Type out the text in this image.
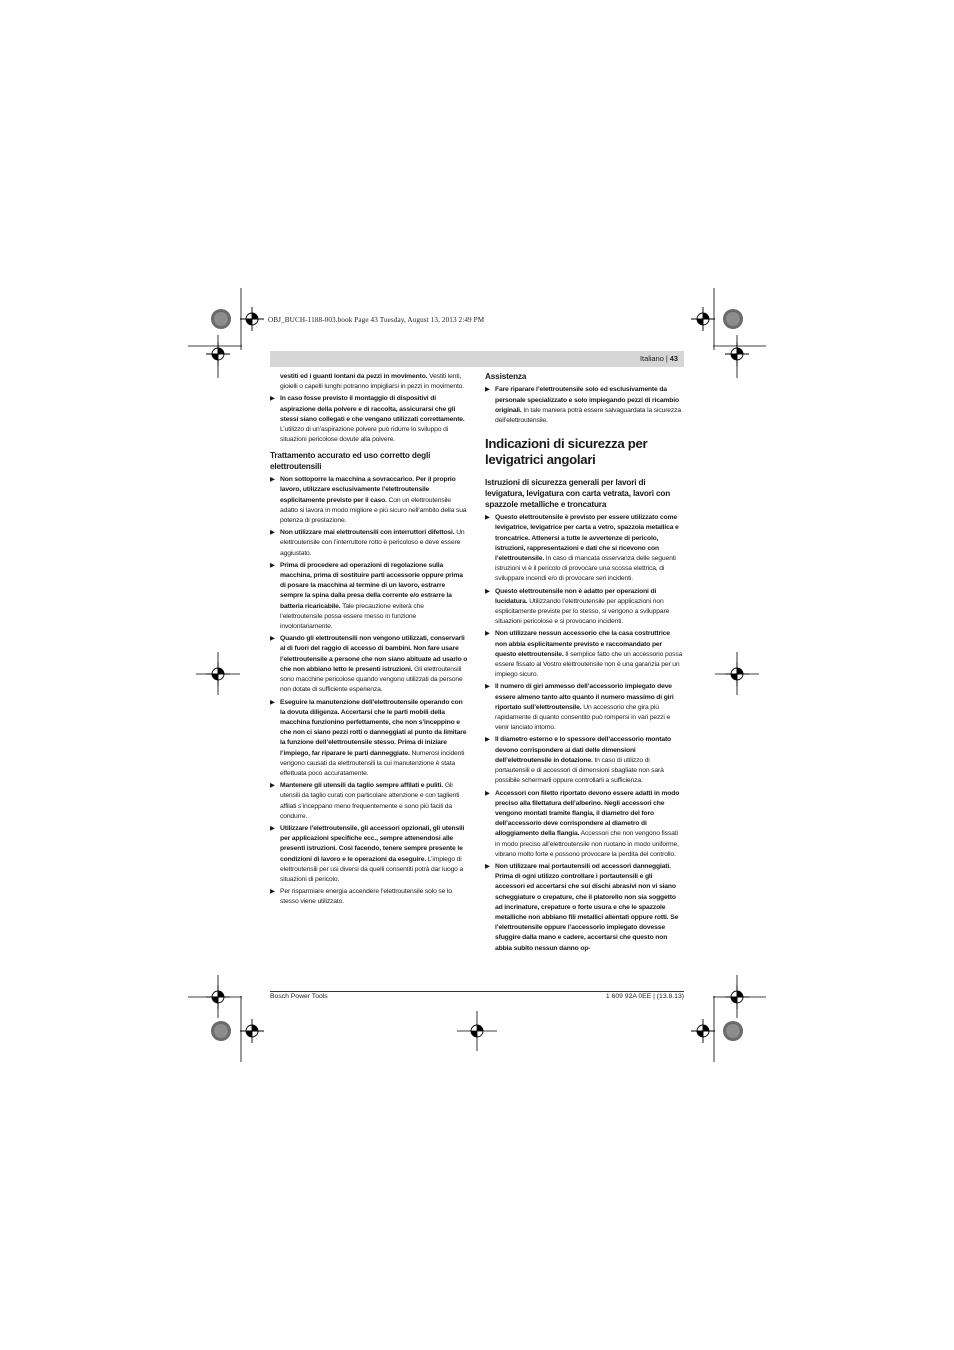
OBJ_BUCH-1188-003.book Page 43 Tuesday, August 13, 2013 2:49 PM
Italiano | 43

vestiti ed i guanti lontani da pezzi in movimento. Vestiti lenti, gioielli o capelli lunghi potranno impigliarsi in pezzi in movimento.

▶ In caso fosse previsto il montaggio di dispositivi di aspirazione della polvere e di raccolta, assicurarsi che gli stessi siano collegati e che vengano utilizzati correttamente. L’utilizzo di un’aspirazione polvere può ridurre lo sviluppo di situazioni pericolose dovute alla polvere.

Trattamento accurato ed uso corretto degli elettroutensili

▶ Non sottoporre la macchina a sovraccarico. Per il proprio lavoro, utilizzare esclusivamente l’elettroutensile esplicitamente previsto per il caso. Con un elettroutensile adatto si lavora in modo migliore e più sicuro nell’ambito della sua potenza di prestazione.

▶ Non utilizzare mai elettroutensili con interruttori difettosi. Un elettroutensile con l’interruttore rotto è pericoloso e deve essere aggiustato.

▶ Prima di procedere ad operazioni di regolazione sulla macchina, prima di sostituire parti accessorie oppure prima di posare la macchina al termine di un lavoro, estrarre sempre la spina dalla presa della corrente e/o estrarre la batteria ricaricabile. Tale precauzione eviterà che l’elettroutensile possa essere messo in funzione involontariamente.

▶ Quando gli elettroutensili non vengono utilizzati, conservarli al di fuori del raggio di accesso di bambini. Non fare usare l’elettroutensile a persone che non siano abituate ad usarlo o che non abbiano letto le presenti istruzioni. Gli elettroutensili sono macchine pericolose quando vengono utilizzati da persone non dotate di sufficiente esperienza.

▶ Eseguire la manutenzione dell’elettroutensile operando con la dovuta diligenza. Accertarsi che le parti mobili della macchina funzionino perfettamente, che non s’inceppino e che non ci siano pezzi rotti o danneggiati al punto da limitare la funzione dell’elettroutensile stesso. Prima di iniziare l’impiego, far riparare le parti danneggiate. Numerosi incidenti vengono causati da elettroutensili la cui manutenzione è stata effettuata poco accuratamente.

▶ Mantenere gli utensili da taglio sempre affilati e puliti. Gli utensili da taglio curati con particolare attenzione e con taglienti affilati s’inceppano meno frequentemente e sono più facili da condurre.

▶ Utilizzare l’elettroutensile, gli accessori opzionali, gli utensili per applicazioni specifiche ecc., sempre attenendosi alle presenti istruzioni. Così facendo, tenere sempre presente le condizioni di lavoro e le operazioni da eseguire. L’impiego di elettroutensili per usi diversi da quelli consentiti potrà dar luogo a situazioni di pericolo.

▶ Per risparmiare energia accendere l’elettroutensile solo se lo stesso viene utilizzato.

Assistenza

▶ Fare riparare l’elettroutensile solo ed esclusivamente da personale specializzato e solo impiegando pezzi di ricambio originali. In tale maniera potrà essere salvaguardata la sicurezza dell’elettroutensile.

Indicazioni di sicurezza per levigatrici angolari
Istruzioni di sicurezza generali per lavori di levigatura, levigatura con carta vetrata, lavori con spazzole metalliche e troncatura

▶ Questo elettroutensile è previsto per essere utilizzato come levigatrice, levigatrice per carta a vetro, spazzola metallica e troncatrice. Attenersi a tutte le avvertenze di pericolo, istruzioni, rappresentazioni e dati che si ricevono con l’elettroutensile. In caso di mancata osservanza delle seguenti istruzioni vi è il pericolo di provocare una scossa elettrica, di sviluppare incendi e/o di provocare seri incidenti.

▶ Questo elettroutensile non è adatto per operazioni di lucidatura. Utilizzando l’elettroutensile per applicazioni non esplicitamente previste per lo stesso, si vengono a sviluppare situazioni pericolose e si provocano incidenti.

▶ Non utilizzare nessun accessorio che la casa costruttrice non abbia esplicitamente previsto e raccomandato per questo elettroutensile. Il semplice fatto che un accessorio possa essere fissato al Vostro elettroutensile non è una garanzia per un impiego sicuro.

▶ Il numero di giri ammesso dell’accessorio impiegato deve essere almeno tanto alto quanto il numero massimo di giri riportato sull’elettroutensile. Un accessorio che gira più rapidamente di quanto consentito può rompersi in vari pezzi e venir lanciato intorno.

▶ Il diametro esterno e lo spessore dell’accessorio montato devono corrispondere ai dati delle dimensioni dell’elettroutensile in dotazione. In caso di utilizzo di portautensili e di accessori di dimensioni sbagliate non sarà possibile schermarli oppure controllarli a sufficienza.

▶ Accessori con filetto riportato devono essere adatti in modo preciso alla filettatura dell’alberino. Negli accessori che vengono montati tramite flangia, il diametro del foro dell’accessorio deve corrispondere al diametro di alloggiamento della flangia. Accessori che non vengono fissati in modo preciso all’elettroutensile non ruotano in modo uniforme, vibrano molto forte e possono provocare la perdita del controllo.

▶ Non utilizzare mai portautensili od accessori danneggiati. Prima di ogni utilizzo controllare i portautensili e gli accessori ed accertarsi che sui dischi abrasivi non vi siano scheggiature o crepature, che il platorello non sia soggetto ad incrinature, crepature o forte usura e che le spazzole metalliche non abbiano fili metallici allentati oppure rotti. Se l’elettroutensile oppure l’accessorio impiegato dovesse sfuggire dalla mano e cadere, accertarsi che questo non abbia subito nessun danno op-

Bosch Power Tools	1 609 92A 0EE | (13.8.13)
